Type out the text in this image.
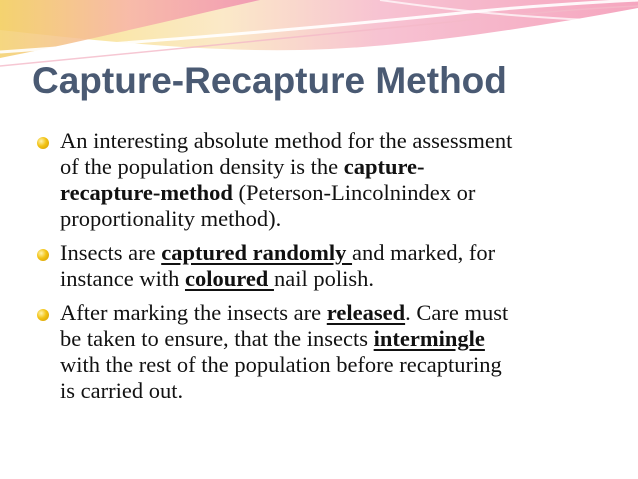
Capture-Recapture Method
An interesting absolute method for the assessment
of the population density is the capture-
recapture-method (Peterson-Lincolnindex or
proportionality method).
Insects are captured randomly and marked, for
instance with coloured nail polish.
After marking the insects are released. Care must
be taken to ensure, that the insects intermingle
with the rest of the population before recapturing
is carried out.
